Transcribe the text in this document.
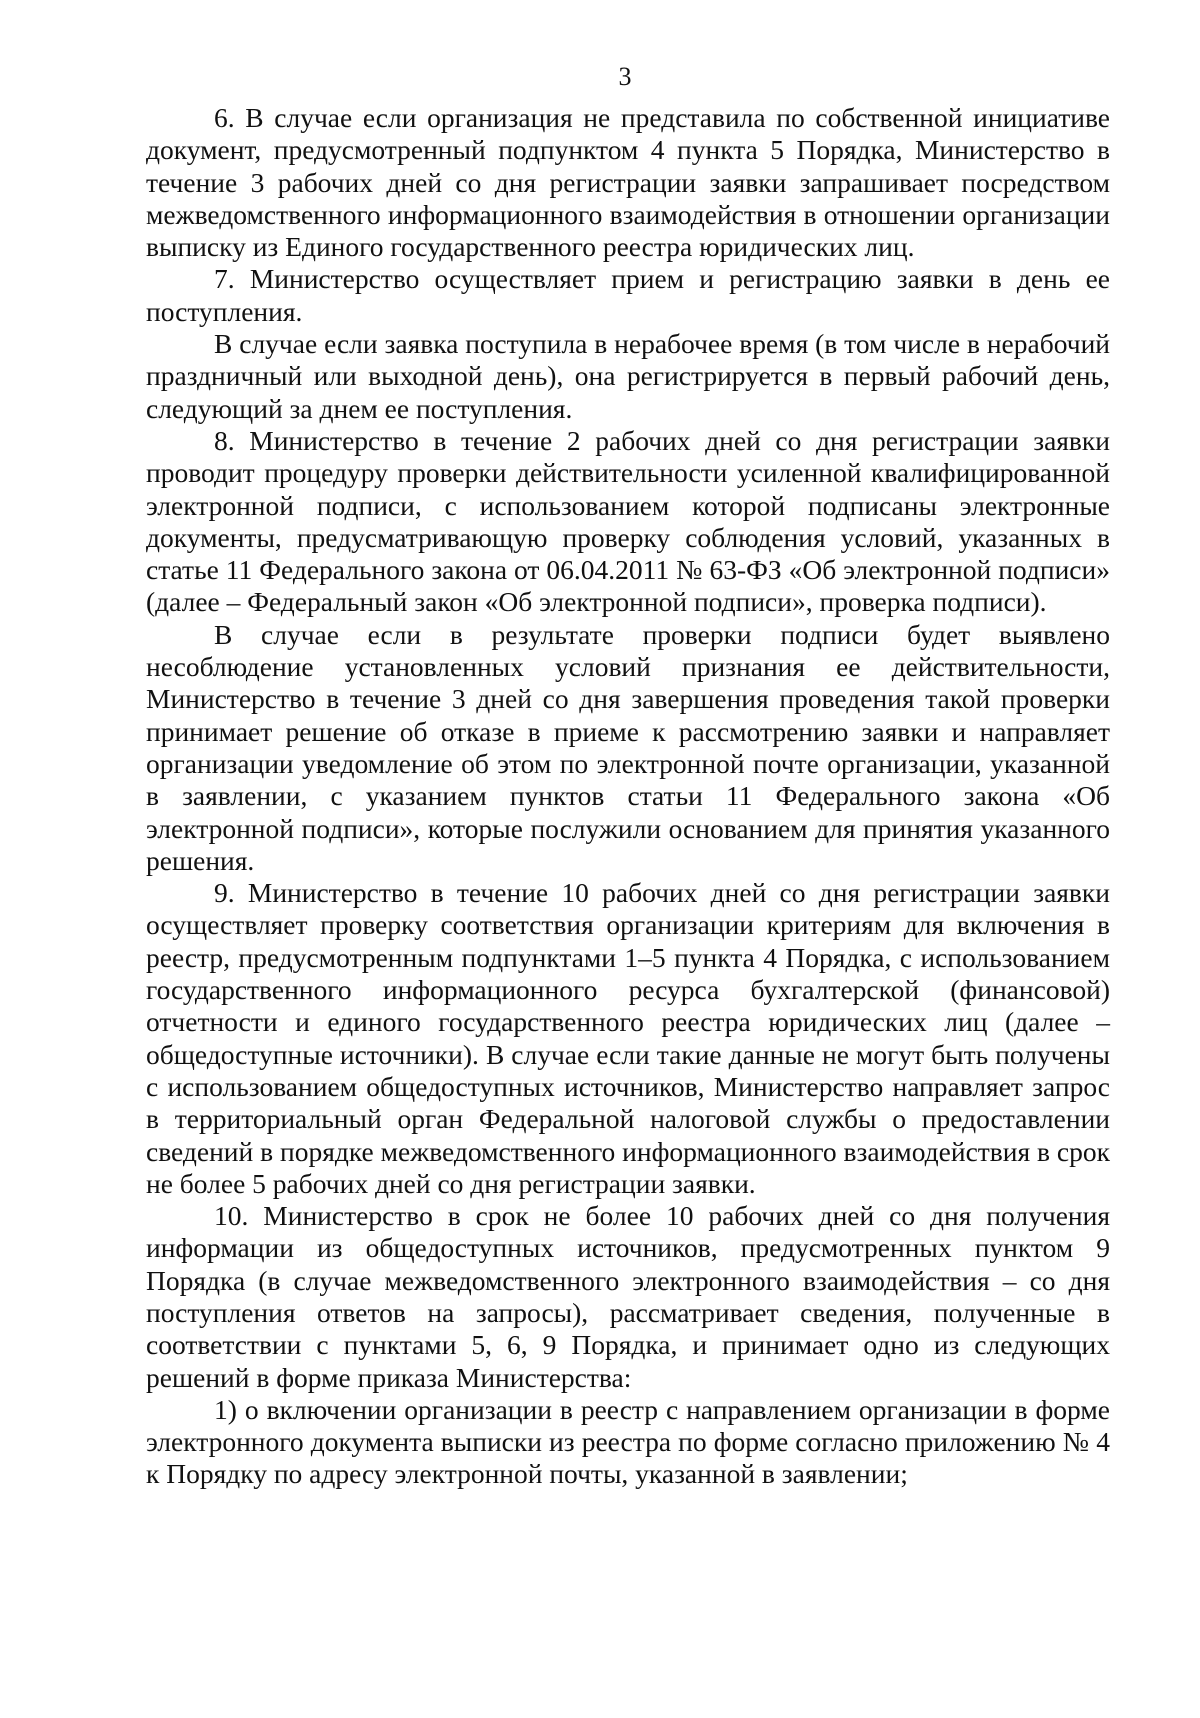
3

6. В случае если организация не представила по собственной инициативе документ, предусмотренный подпунктом 4 пункта 5 Порядка, Министерство в течение 3 рабочих дней со дня регистрации заявки запрашивает посредством межведомственного информационного взаимодействия в отношении организации выписку из Единого государственного реестра юридических лиц.

7. Министерство осуществляет прием и регистрацию заявки в день ее поступления.

В случае если заявка поступила в нерабочее время (в том числе в нерабочий праздничный или выходной день), она регистрируется в первый рабочий день, следующий за днем ее поступления.

8. Министерство в течение 2 рабочих дней со дня регистрации заявки проводит процедуру проверки действительности усиленной квалифицированной электронной подписи, с использованием которой подписаны электронные документы, предусматривающую проверку соблюдения условий, указанных в статье 11 Федерального закона от 06.04.2011 № 63-ФЗ «Об электронной подписи» (далее – Федеральный закон «Об электронной подписи», проверка подписи).

В случае если в результате проверки подписи будет выявлено несоблюдение установленных условий признания ее действительности, Министерство в течение 3 дней со дня завершения проведения такой проверки принимает решение об отказе в приеме к рассмотрению заявки и направляет организации уведомление об этом по электронной почте организации, указанной в заявлении, с указанием пунктов статьи 11 Федерального закона «Об электронной подписи», которые послужили основанием для принятия указанного решения.

9. Министерство в течение 10 рабочих дней со дня регистрации заявки осуществляет проверку соответствия организации критериям для включения в реестр, предусмотренным подпунктами 1–5 пункта 4 Порядка, с использованием государственного информационного ресурса бухгалтерской (финансовой) отчетности и единого государственного реестра юридических лиц (далее – общедоступные источники). В случае если такие данные не могут быть получены с использованием общедоступных источников, Министерство направляет запрос в территориальный орган Федеральной налоговой службы о предоставлении сведений в порядке межведомственного информационного взаимодействия в срок не более 5 рабочих дней со дня регистрации заявки.

10. Министерство в срок не более 10 рабочих дней со дня получения информации из общедоступных источников, предусмотренных пунктом 9 Порядка (в случае межведомственного электронного взаимодействия – со дня поступления ответов на запросы), рассматривает сведения, полученные в соответствии с пунктами 5, 6, 9 Порядка, и принимает одно из следующих решений в форме приказа Министерства:

1) о включении организации в реестр с направлением организации в форме электронного документа выписки из реестра по форме согласно приложению № 4 к Порядку по адресу электронной почты, указанной в заявлении;
